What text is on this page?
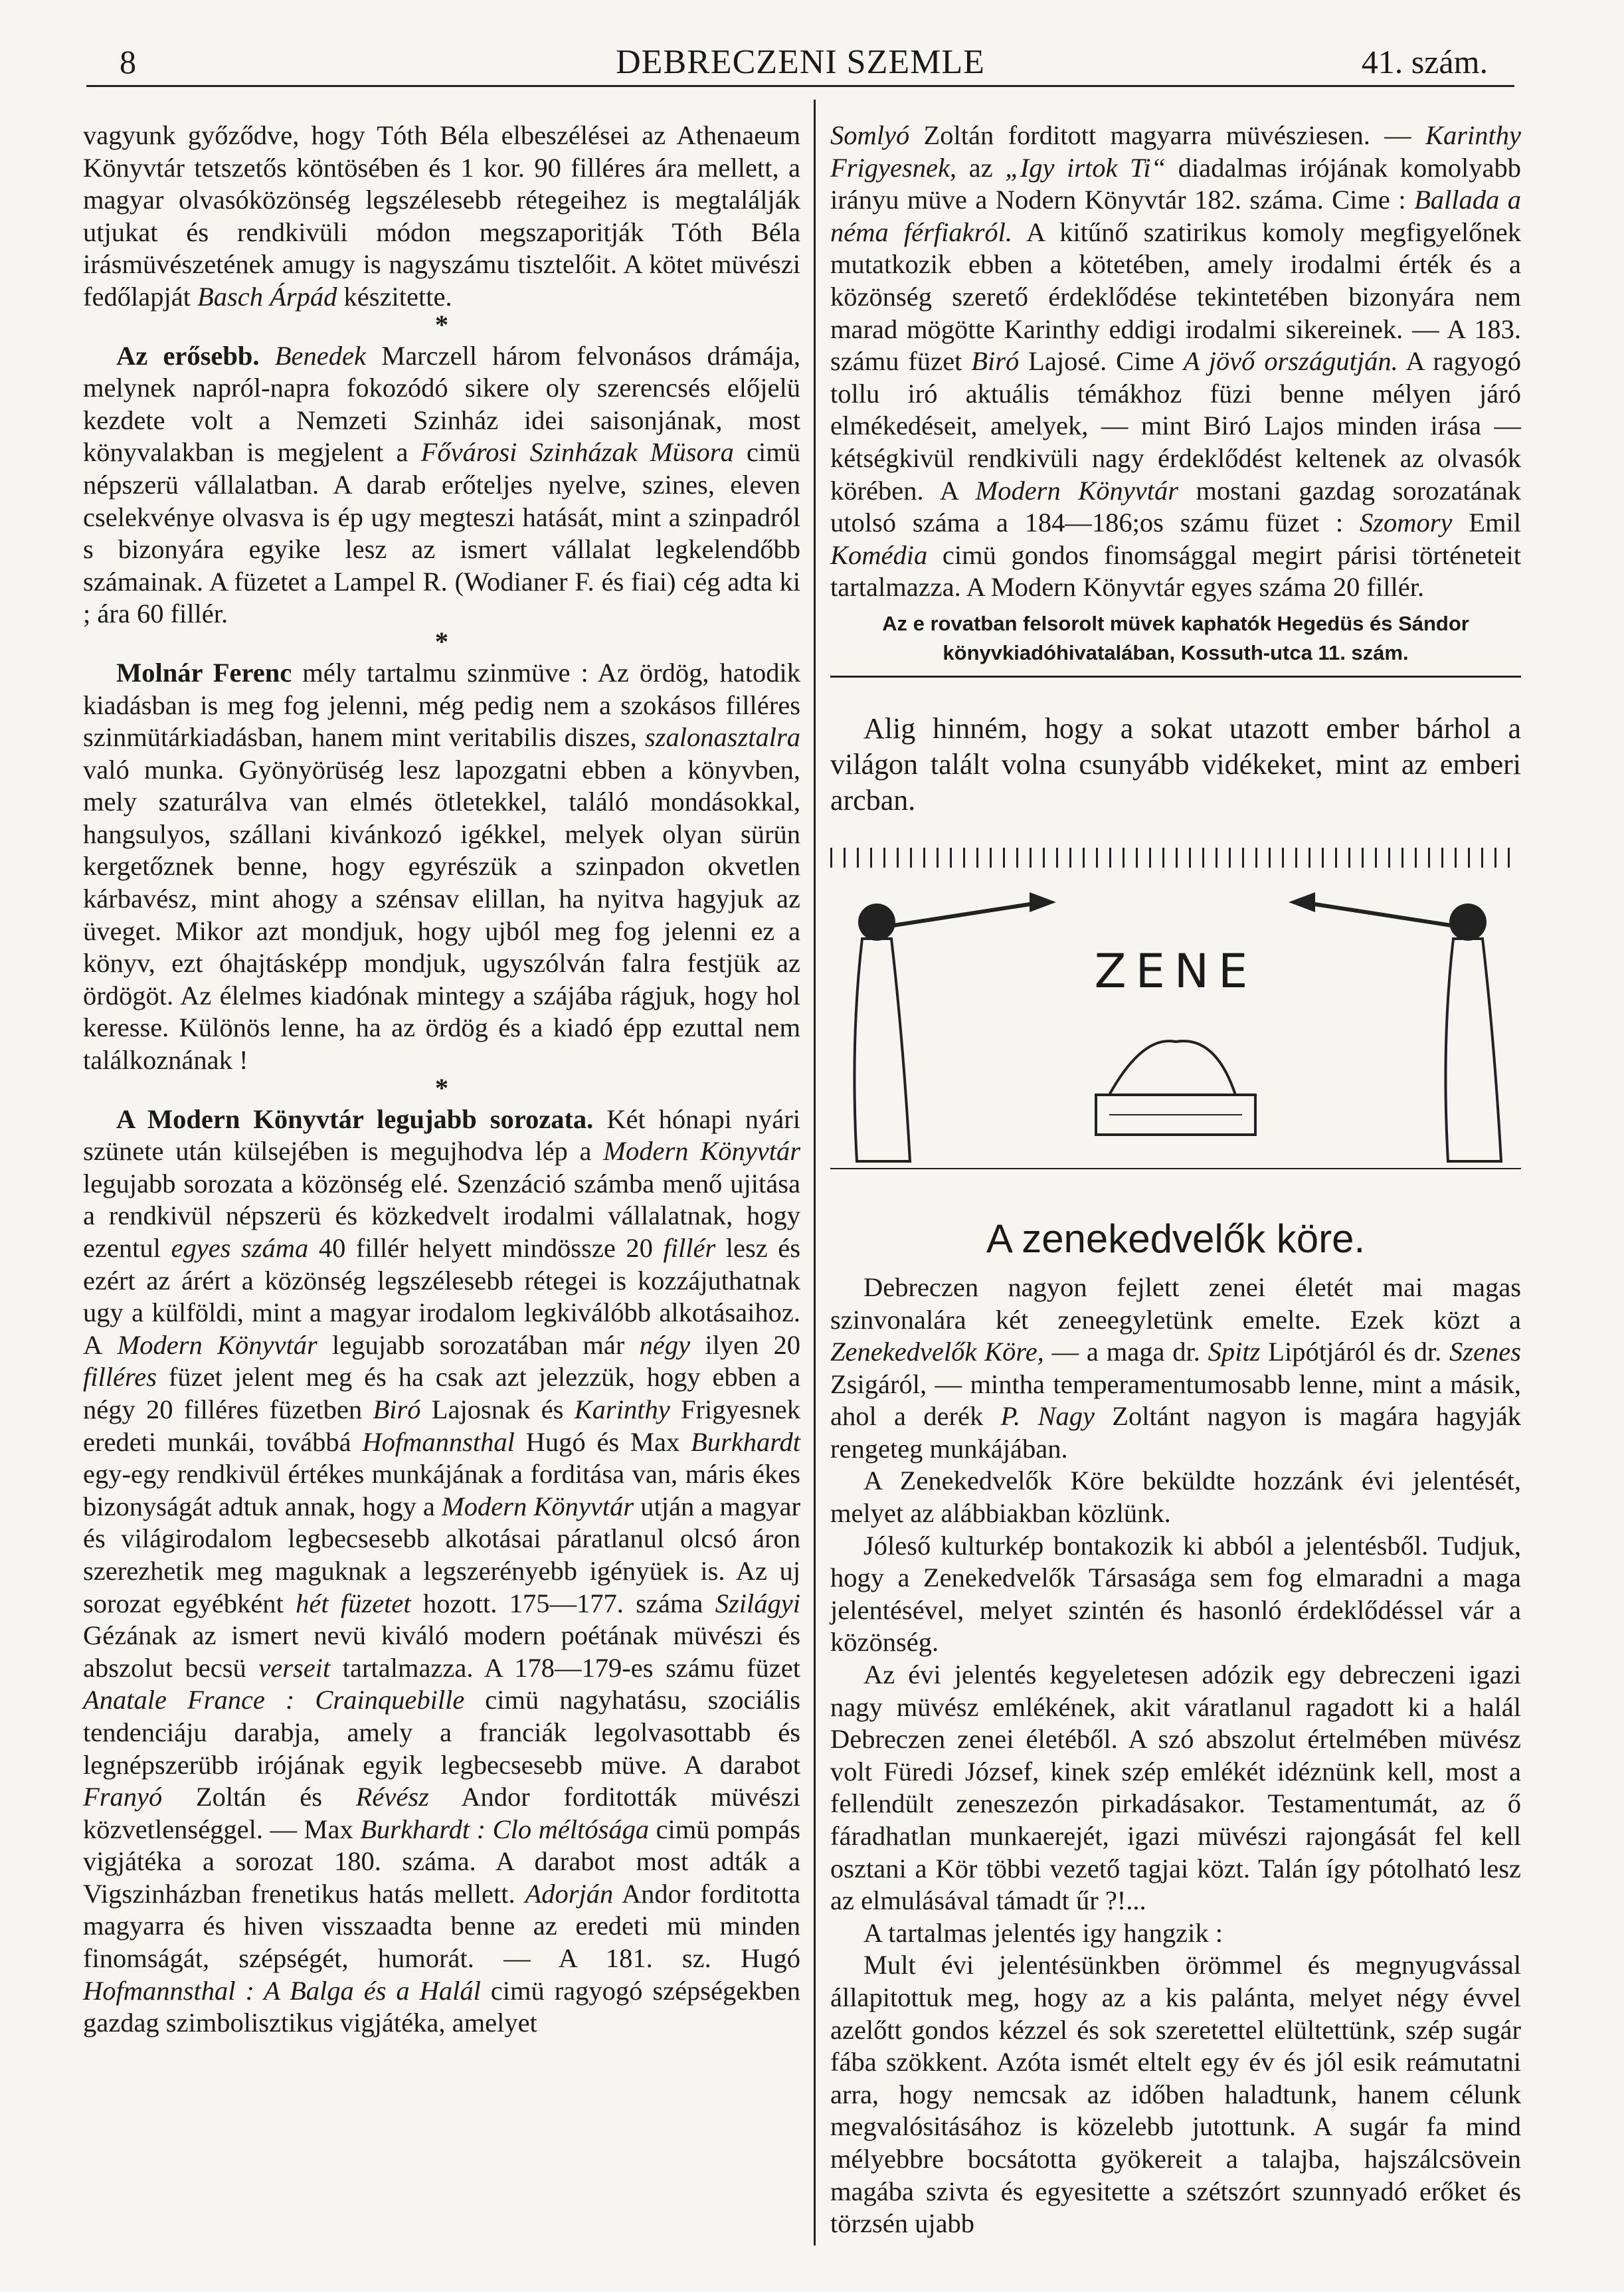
8	DEBRECZENI SZEMLE	41. szám.

vagyunk győződve, hogy Tóth Béla elbeszélései az Athenaeum Könyvtár tetszetős köntösében és 1 kor. 90 filléres ára mellett, a magyar olvasóközönség legszélesebb rétegeihez is megtalálják utjukat és rendkivüli módon megszaporitják Tóth Béla irásmüvészetének amugy is nagyszámu tisztelőit. A kötet müvészi fedőlapját Basch Árpád készitette.

*

Az erősebb. Benedek Marczell három felvonásos drámája, melynek napról-napra fokozódó sikere oly szerencsés előjelü kezdete volt a Nemzeti Szinház idei saisonjának, most könyvalakban is megjelent a Fővárosi Szinházak Müsora cimü népszerü vállalatban. A darab erőteljes nyelve, szines, eleven cselekvénye olvasva is ép ugy megteszi hatását, mint a szinpadról s bizonyára egyike lesz az ismert vállalat legkelendőbb számainak. A füzetet a Lampel R. (Wodianer F. és fiai) cég adta ki ; ára 60 fillér.

*

Molnár Ferenc mély tartalmu szinmüve : Az ördög, hatodik kiadásban is meg fog jelenni, még pedig nem a szokásos filléres szinmütárkiadásban, hanem mint veritabilis diszes, szalonasztalra való munka. Gyönyörüség lesz lapozgatni ebben a könyvben, mely szaturálva van elmés ötletekkel, találó mondásokkal, hangsulyos, szállani kivánkozó igékkel, melyek olyan sürün kergetőznek benne, hogy egyrészük a szinpadon okvetlen kárbavész, mint ahogy a szénsav elillan, ha nyitva hagyjuk az üveget. Mikor azt mondjuk, hogy ujból meg fog jelenni ez a könyv, ezt óhajtásképp mondjuk, ugyszólván falra festjük az ördögöt. Az élelmes kiadónak mintegy a szájába rágjuk, hogy hol keresse. Különös lenne, ha az ördög és a kiadó épp ezuttal nem találkoznának !

*

A Modern Könyvtár legujabb sorozata. Két hónapi nyári szünete után külsejében is megujhodva lép a Modern Könyvtár legujabb sorozata a közönség elé. Szenzáció számba menő ujitása a rendkivül népszerü és közkedvelt irodalmi vállalatnak, hogy ezentul egyes száma 40 fillér helyett mindössze 20 fillér lesz és ezért az árért a közönség legszélesebb rétegei is kozzájuthatnak ugy a külföldi, mint a magyar irodalom legkiválóbb alkotásaihoz. A Modern Könyvtár legujabb sorozatában már négy ilyen 20 filléres füzet jelent meg és ha csak azt jelezzük, hogy ebben a négy 20 filléres füzetben Biró Lajosnak és Karinthy Frigyesnek eredeti munkái, továbbá Hofmannsthal Hugó és Max Burkhardt egy-egy rendkivül értékes munkájának a forditása van, máris ékes bizonyságát adtuk annak, hogy a Modern Könyvtár utján a magyar és világirodalom legbecsesebb alkotásai páratlanul olcsó áron szerezhetik meg maguknak a legszerényebb igényüek is. Az uj sorozat egyébként hét füzetet hozott. 175—177. száma Szilágyi Gézának az ismert nevü kiváló modern poétának müvészi és abszolut becsü verseit tartalmazza. A 178—179-es számu füzet Anatale France : Crainquebille cimü nagyhatásu, szociális tendenciáju darabja, amely a franciák legolvasottabb és legnépszerübb irójának egyik legbecsesebb müve. A darabot Franyó Zoltán és Révész Andor forditották müvészi közvetlenséggel. — Max Burkhardt : Clo méltósága cimü pompás vigjátéka a sorozat 180. száma. A darabot most adták a Vigszinházban frenetikus hatás mellett. Adorján Andor forditotta magyarra és hiven visszaadta benne az eredeti mü minden finomságát, szépségét, humorát. — A 181. sz. Hugó Hofmannsthal : A Balga és a Halál cimü ragyogó szépségekben gazdag szimbolisztikus vigjátéka, amelyet

Somlyó Zoltán forditott magyarra müvésziesen. — Karinthy Frigyesnek, az „Igy irtok Ti“ diadalmas irójának komolyabb irányu müve a Nodern Könyvtár 182. száma. Cime : Ballada a néma férfiakról. A kitűnő szatirikus komoly megfigyelőnek mutatkozik ebben a kötetében, amely irodalmi érték és a közönség szerető érdeklődése tekintetében bizonyára nem marad mögötte Karinthy eddigi irodalmi sikereinek. — A 183. számu füzet Biró Lajosé. Cime A jövő országutján. A ragyogó tollu iró aktuális témákhoz füzi benne mélyen járó elmékedéseit, amelyek, — mint Biró Lajos minden irása — kétségkivül rendkivüli nagy érdeklődést keltenek az olvasók körében. A Modern Könyvtár mostani gazdag sorozatának utolsó száma a 184—186;os számu füzet : Szomory Emil Komédia cimü gondos finomsággal megirt párisi történeteit tartalmazza. A Modern Könyvtár egyes száma 20 fillér.

Az e rovatban felsorolt müvek kaphatók Hegedüs és Sándor könyvkiadóhivatalában, Kossuth-utca 11. szám.

Alig hinném, hogy a sokat utazott ember bárhol a világon talált volna csunyább vidékeket, mint az emberi arcban.

ZENE
A zenekedvelők köre.

Debreczen nagyon fejlett zenei életét mai magas szinvonalára két zeneegyletünk emelte. Ezek közt a Zenekedvelők Köre, — a maga dr. Spitz Lipótjáról és dr. Szenes Zsigáról, — mintha temperamentumosabb lenne, mint a másik, ahol a derék P. Nagy Zoltánt nagyon is magára hagyják rengeteg munkájában.

A Zenekedvelők Köre beküldte hozzánk évi jelentését, melyet az alábbiakban közlünk.

Jóleső kulturkép bontakozik ki abból a jelentésből. Tudjuk, hogy a Zenekedvelők Társasága sem fog elmaradni a maga jelentésével, melyet szintén és hasonló érdeklődéssel vár a közönség.

Az évi jelentés kegyeletesen adózik egy debreczeni igazi nagy müvész emlékének, akit váratlanul ragadott ki a halál Debreczen zenei életéből. A szó abszolut értelmében müvész volt Füredi József, kinek szép emlékét idéznünk kell, most a fellendült zeneszezón pirkadásakor. Testamentumát, az ő fáradhatlan munkaerejét, igazi müvészi rajongását fel kell osztani a Kör többi vezető tagjai közt. Talán így pótolható lesz az elmulásával támadt űr ?!...

A tartalmas jelentés igy hangzik :

Mult évi jelentésünkben örömmel és megnyugvással állapitottuk meg, hogy az a kis palánta, melyet négy évvel azelőtt gondos kézzel és sok szeretettel elültettünk, szép sugár fába szökkent. Azóta ismét eltelt egy év és jól esik reámutatni arra, hogy nemcsak az időben haladtunk, hanem célunk megvalósitásához is közelebb jutottunk. A sugár fa mind mélyebbre bocsátotta gyökereit a talajba, hajszálcsövein magába szivta és egyesitette a szétszórt szunnyadó erőket és törzsén ujabb
